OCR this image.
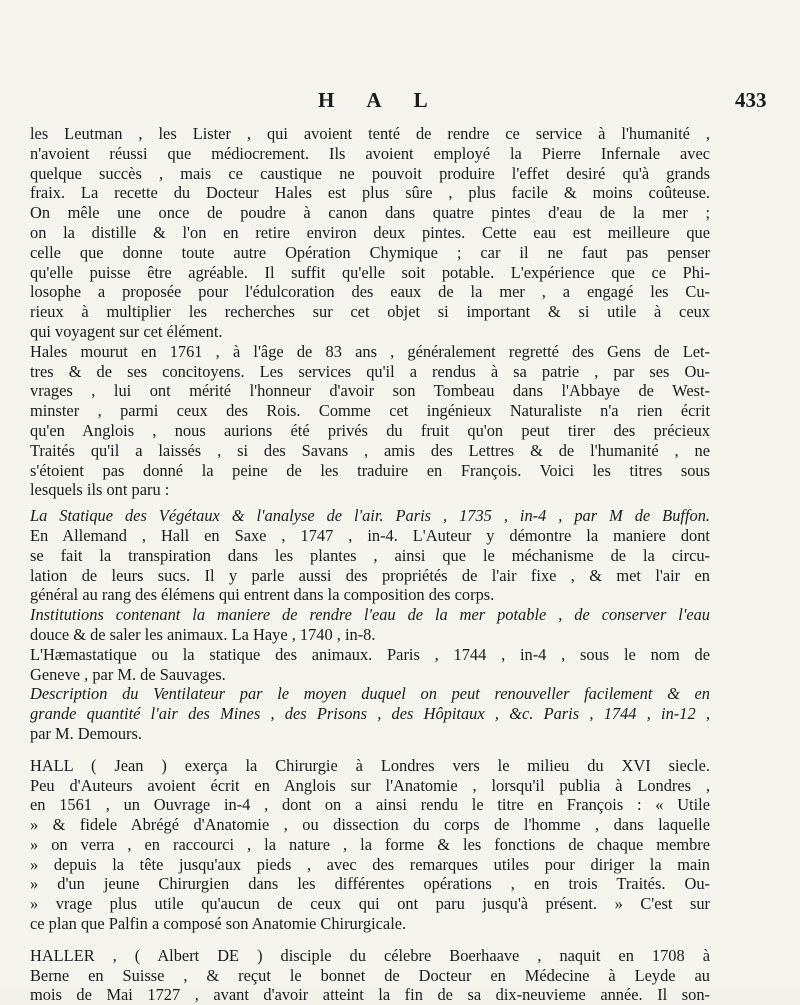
H A L	433
les Leutman , les Lister , qui avoient tenté de rendre ce service à l'humanité ,
n'avoient réussi que médiocrement. Ils avoient employé la Pierre Infernale avec
quelque succès , mais ce caustique ne pouvoit produire l'effet desiré qu'à grands
fraix. La recette du Docteur Hales est plus sûre , plus facile & moins coûteuse.
On mêle une once de poudre à canon dans quatre pintes d'eau de la mer ;
on la distille & l'on en retire environ deux pintes. Cette eau est meilleure que
celle que donne toute autre Opération Chymique ; car il ne faut pas penser
qu'elle puisse être agréable. Il suffit qu'elle soit potable. L'expérience que ce Phi-
losophe a proposée pour l'édulcoration des eaux de la mer , a engagé les Cu-
rieux à multiplier les recherches sur cet objet si important & si utile à ceux
qui voyagent sur cet élément.
Hales mourut en 1761 , à l'âge de 83 ans , généralement regretté des Gens de Let-
tres & de ses concitoyens. Les services qu'il a rendus à sa patrie , par ses Ou-
vrages , lui ont mérité l'honneur d'avoir son Tombeau dans l'Abbaye de West-
minster , parmi ceux des Rois. Comme cet ingénieux Naturaliste n'a rien écrit
qu'en Anglois , nous aurions été privés du fruit qu'on peut tirer des précieux
Traités qu'il a laissés , si des Savans , amis des Lettres & de l'humanité , ne
s'étoient pas donné la peine de les traduire en François. Voici les titres sous
lesquels ils ont paru :
La Statique des Végétaux & l'analyse de l'air. Paris , 1735 , in-4 , par M de Buffon.
En Allemand , Hall en Saxe , 1747 , in-4. L'Auteur y démontre la maniere dont
se fait la transpiration dans les plantes , ainsi que le méchanisme de la circu-
lation de leurs sucs. Il y parle aussi des propriétés de l'air fixe , & met l'air en
général au rang des élémens qui entrent dans la composition des corps.
Institutions contenant la maniere de rendre l'eau de la mer potable , de conserver l'eau
douce & de saler les animaux. La Haye , 1740 , in-8.
L'Hæmastatique ou la statique des animaux. Paris , 1744 , in-4 , sous le nom de
Geneve , par M. de Sauvages.
Description du Ventilateur par le moyen duquel on peut renouveller facilement & en
grande quantité l'air des Mines , des Prisons , des Hôpitaux , &c. Paris , 1744 , in-12 ,
par M. Demours.
HALL ( Jean ) exerça la Chirurgie à Londres vers le milieu du XVI siecle.
Peu d'Auteurs avoient écrit en Anglois sur l'Anatomie , lorsqu'il publia à Londres ,
en 1561 , un Ouvrage in-4 , dont on a ainsi rendu le titre en François : « Utile
» & fidele Abrégé d'Anatomie , ou dissection du corps de l'homme , dans laquelle
» on verra , en raccourci , la nature , la forme & les fonctions de chaque membre
» depuis la tête jusqu'aux pieds , avec des remarques utiles pour diriger la main
» d'un jeune Chirurgien dans les différentes opérations , en trois Traités. Ou-
» vrage plus utile qu'aucun de ceux qui ont paru jusqu'à présent. » C'est sur
ce plan que Palfin a composé son Anatomie Chirurgicale.
HALLER , ( Albert DE ) disciple du célebre Boerhaave , naquit en 1708 à
Berne en Suisse , & reçut le bonnet de Docteur en Médecine à Leyde au
mois de Mai 1727 , avant d'avoir atteint la fin de sa dix-neuvieme année. Il son-
